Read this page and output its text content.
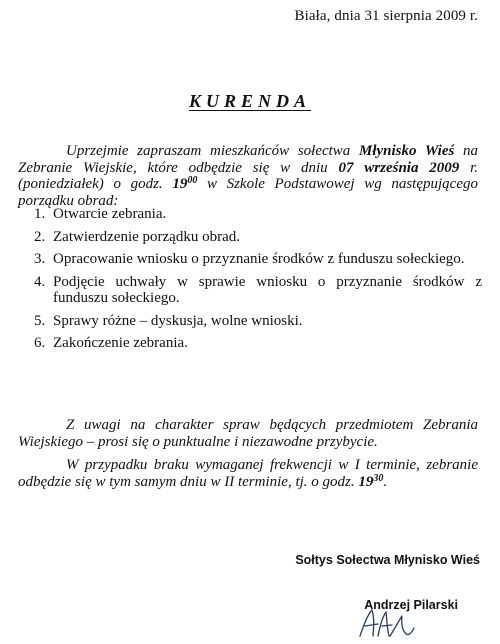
Biała, dnia 31 sierpnia 2009 r.
KURENDA

Uprzejmie zapraszam mieszkańców sołectwa Młynisko Wieś na Zebranie Wiejskie, które odbędzie się w dniu 07 września 2009 r. (poniedziałek) o godz. $19^{00}$ w Szkole Podstawowej wg następującego porządku obrad:

1. Otwarcie zebrania.
2. Zatwierdzenie porządku obrad.
3. Opracowanie wniosku o przyznanie środków z funduszu sołeckiego.
4. Podjęcie uchwały w sprawie wniosku o przyznanie środków z funduszu sołeckiego.
5. Sprawy różne – dyskusja, wolne wnioski.
6. Zakończenie zebrania.

Z uwagi na charakter spraw będących przedmiotem Zebrania Wiejskiego – prosi się o punktualne i niezawodne przybycie.

W przypadku braku wymaganej frekwencji w I terminie, zebranie odbędzie się w tym samym dniu w II terminie, tj. o godz. $19^{30}$.

Sołtys Sołectwa Młynisko Wieś
Andrzej Pilarski
